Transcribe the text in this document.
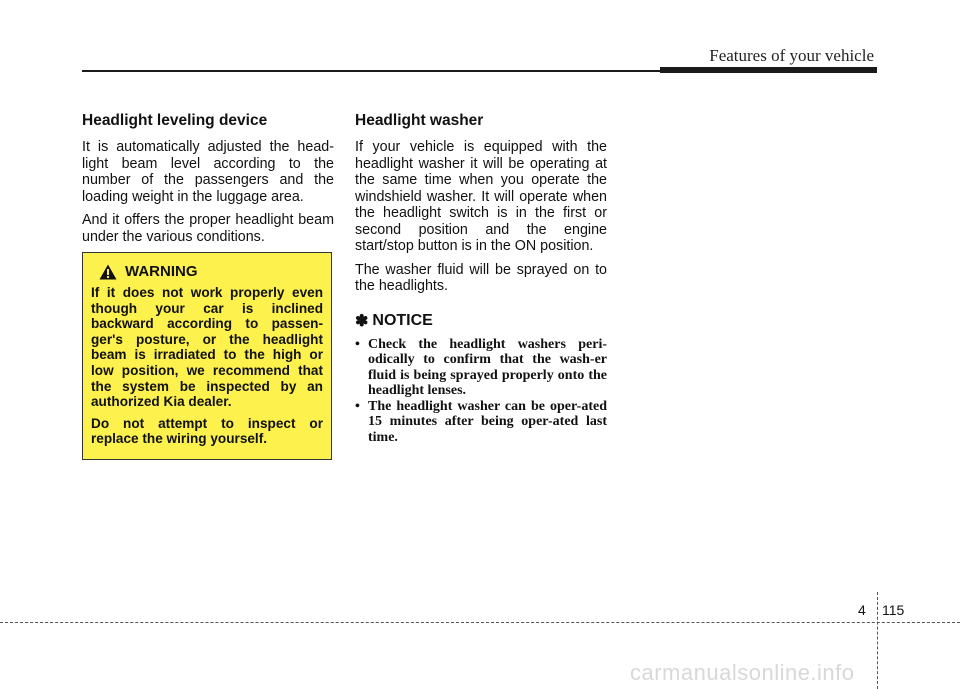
Features of your vehicle
Headlight leveling device

It is automatically adjusted the head-light beam level according to the number of the passengers and the loading weight in the luggage area.

And it offers the proper headlight beam under the various conditions.

WARNING

If it does not work properly even though your car is inclined backward according to passen-ger's posture, or the headlight beam is irradiated to the high or low position, we recommend that the system be inspected by an authorized Kia dealer.

Do not attempt to inspect or replace the wiring yourself.

Headlight washer

If your vehicle is equipped with the headlight washer it will be operating at the same time when you operate the windshield washer. It will operate when the headlight switch is in the first or second position and the engine start/stop button is in the ON position.

The washer fluid will be sprayed on to the headlights.

✽ NOTICE
• Check the headlight washers peri-odically to confirm that the wash-er fluid is being sprayed properly onto the headlight lenses.
• The headlight washer can be oper-ated 15 minutes after being oper-ated last time.
4 115
carmanualsonline.info
